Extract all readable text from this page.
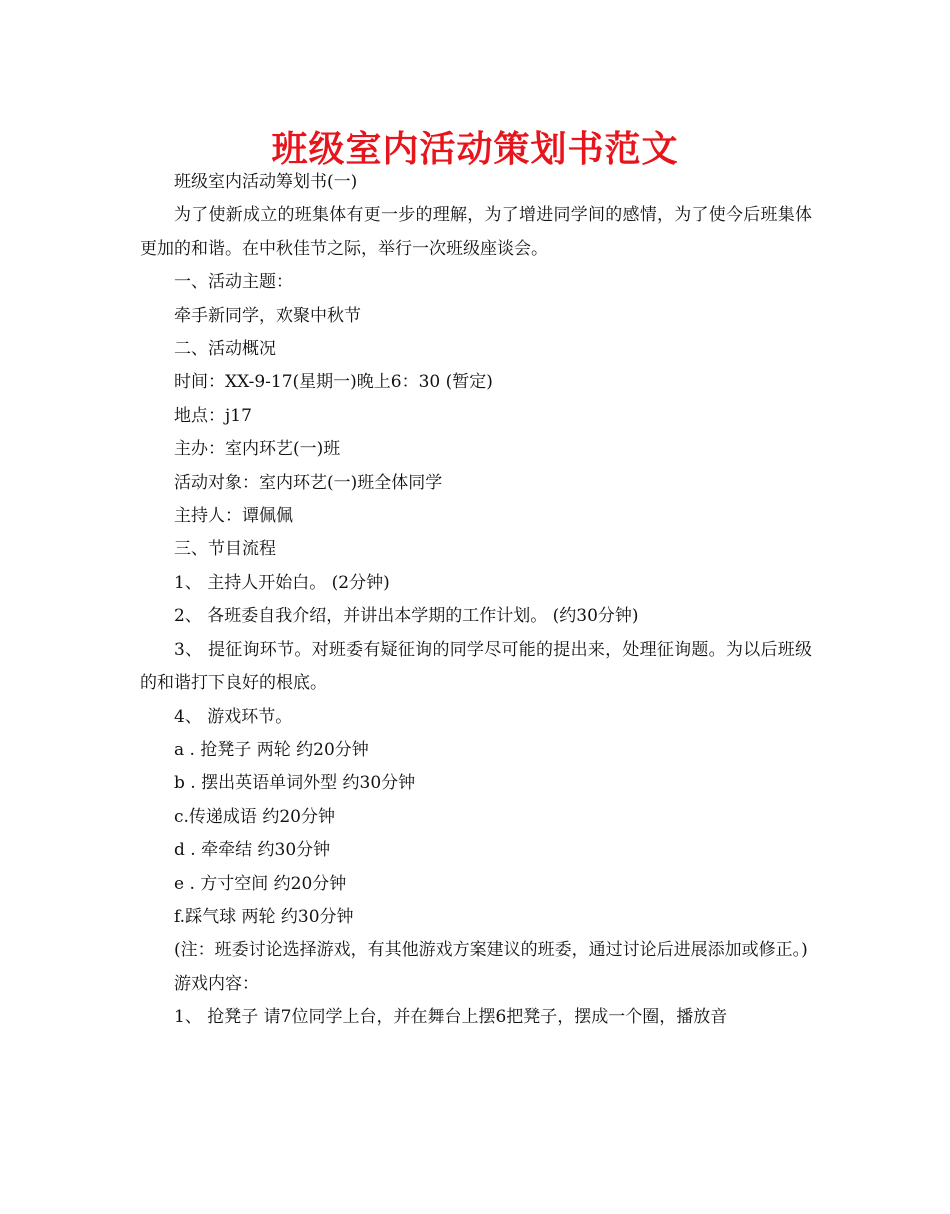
班级室内活动策划书范文

班级室内活动筹划书(一)

为了使新成立的班集体有更一步的理解，为了增进同学间的感情，为了使今后班集体更加的和谐。在中秋佳节之际，举行一次班级座谈会。

一、活动主题：

牵手新同学，欢聚中秋节

二、活动概况

时间：XX-9-17(星期一)晚上6：30 (暂定)

地点：j17

主办：室内环艺(一)班

活动对象：室内环艺(一)班全体同学

主持人：谭佩佩

三、节目流程

1、 主持人开始白。 (2分钟)

2、 各班委自我介绍，并讲出本学期的工作计划。 (约30分钟)

3、 提征询环节。对班委有疑征询的同学尽可能的提出来，处理征询题。为以后班级的和谐打下良好的根底。

4、 游戏环节。

a . 抢凳子 两轮 约20分钟

b . 摆出英语单词外型 约30分钟

c.传递成语 约20分钟

d . 牵牵结 约30分钟

e . 方寸空间 约20分钟

f.踩气球 两轮 约30分钟

(注：班委讨论选择游戏，有其他游戏方案建议的班委，通过讨论后进展添加或修正。)

游戏内容：

1、 抢凳子 请7位同学上台，并在舞台上摆6把凳子，摆成一个圈，播放音
